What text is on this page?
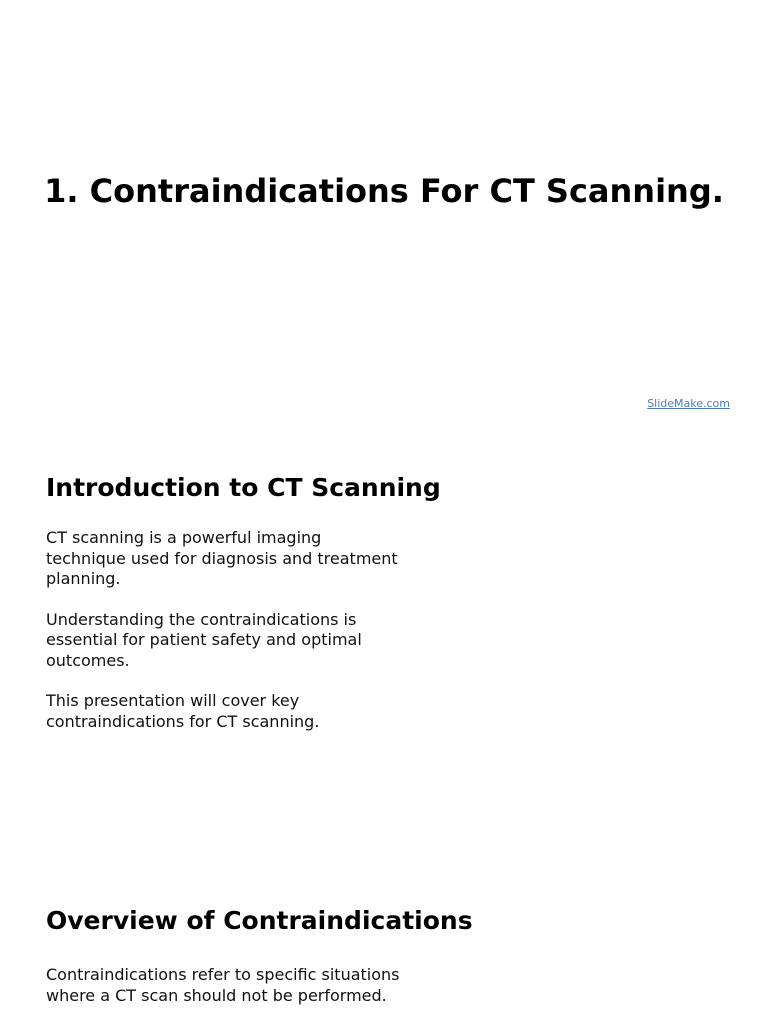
1. Contraindications For CT Scanning.
SlideMake.com
Introduction to CT Scanning

CT scanning is a powerful imaging technique used for diagnosis and treatment planning.

Understanding the contraindications is essential for patient safety and optimal outcomes.

This presentation will cover key contraindications for CT scanning.

Overview of Contraindications

Contraindications refer to specific situations where a CT scan should not be performed.
